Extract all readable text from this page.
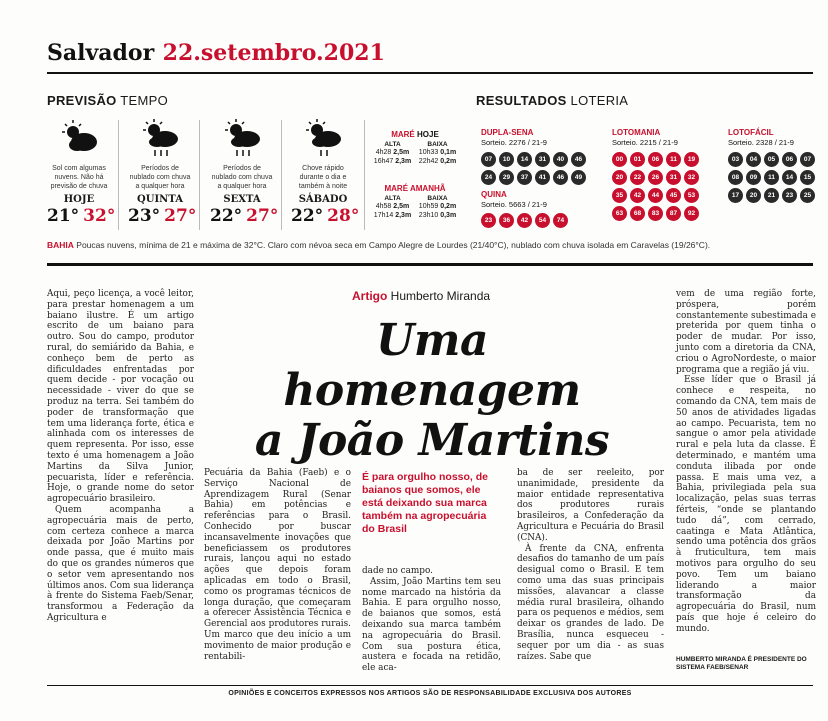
Salvador 22.setembro.2021
PREVISÃO TEMPO
Sol com algumas nuvens. Não há previsão de chuva
HOJE
21° 32°
Períodos de nublado com chuva a qualquer hora
QUINTA
23° 27°
Períodos de nublado com chuva a qualquer hora
SEXTA
22° 27°
Chove rápido durante o dia e também à noite
SÁBADO
22° 28°
MARÉ HOJE
ALTA	BAIXA
4h28 2,5m	10h33 0,1m
16h47 2,3m	22h42 0,2m
MARÉ AMANHÃ
ALTA	BAIXA
4h58 2,5m	10h59 0,2m
17h14 2,3m	23h10 0,3m
RESULTADOS LOTERIA
DUPLA-SENA
Sorteio. 2276 / 21-9
07	10	14	31	40	46
24	29	37	41	46	49
QUINA
Sorteio. 5663 / 21-9
23	36	42	54	74
LOTOMANIA
Sorteio. 2215 / 21-9
00	01	06	11	19
20	22	26	31	32
35	42	44	45	53
63	68	83	87	92
LOTOFÁCIL
Sorteio. 2328 / 21-9
03	04	05	06	07
08	09	11	14	15
17	20	21	23	25
BAHIA Poucas nuvens, mínima de 21 e máxima de 32°C. Claro com névoa seca em Campo Alegre de Lourdes (21/40°C), nublado com chuva isolada em Caravelas (19/26°C).
Artigo Humberto Miranda
Uma homenagem
a João Martins

Aqui, peço licença, a você leitor, para prestar homenagem a um baiano ilustre. É um artigo escrito de um baiano para outro. Sou do campo, produtor rural, do semiárido da Bahia, e conheço bem de perto as dificuldades enfrentadas por quem decide - por vocação ou necessidade - viver do que se produz na terra. Sei também do poder de transformação que tem uma liderança forte, ética e alinhada com os interesses de quem representa. Por isso, esse texto é uma homenagem a João Martins da Silva Junior, pecuarista, líder e referência. Hoje, o grande nome do setor agropecuário brasileiro.

Quem acompanha a agropecuária mais de perto, com certeza conhece a marca deixada por João Martins por onde passa, que é muito mais do que os grandes números que o setor vem apresentando nos últimos anos. Com sua liderança à frente do Sistema Faeb/Senar, transformou a Federação da Agricultura e

Pecuária da Bahia (Faeb) e o Serviço Nacional de Aprendizagem Rural (Senar Bahia) em potências e referências para o Brasil. Conhecido por buscar incansavelmente inovações que beneficiassem os produtores rurais, lançou aqui no estado ações que depois foram aplicadas em todo o Brasil, como os programas técnicos de longa duração, que começaram a oferecer Assistência Técnica e Gerencial aos produtores rurais. Um marco que deu início a um movimento de maior produção e rentabili-

É para orgulho nosso, de baianos que somos, ele está deixando sua marca também na agropecuária do Brasil

dade no campo.

Assim, João Martins tem seu nome marcado na história da Bahia. E para orgulho nosso, de baianos que somos, está deixando sua marca também na agropecuária do Brasil. Com sua postura ética, austera e focada na retidão, ele aca-

ba de ser reeleito, por unanimidade, presidente da maior entidade representativa dos produtores rurais brasileiros, a Confederação da Agricultura e Pecuária do Brasil (CNA).

À frente da CNA, enfrenta desafios do tamanho de um país desigual como o Brasil. E tem como uma das suas principais missões, alavancar a classe média rural brasileira, olhando para os pequenos e médios, sem deixar os grandes de lado. De Brasília, nunca esqueceu - sequer por um dia - as suas raízes. Sabe que

vem de uma região forte, próspera, porém constantemente subestimada e preterida por quem tinha o poder de mudar. Por isso, junto com a diretoria da CNA, criou o AgroNordeste, o maior programa que a região já viu.

Esse líder que o Brasil já conhece e respeita, no comando da CNA, tem mais de 50 anos de atividades ligadas ao campo. Pecuarista, tem no sangue o amor pela atividade rural e pela luta da classe. É determinado, e mantém uma conduta ilibada por onde passa. E mais uma vez, a Bahia, privilegiada pela sua localização, pelas suas terras férteis, “onde se plantando tudo dá”, com cerrado, caatinga e Mata Atlântica, sendo uma potência dos grãos à fruticultura, tem mais motivos para orgulho do seu povo. Tem um baiano liderando a maior transformação da agropecuária do Brasil, num país que hoje é celeiro do mundo.

HUMBERTO MIRANDA É PRESIDENTE DO SISTEMA FAEB/SENAR
OPINIÕES E CONCEITOS EXPRESSOS NOS ARTIGOS SÃO DE RESPONSABILIDADE EXCLUSIVA DOS AUTORES
